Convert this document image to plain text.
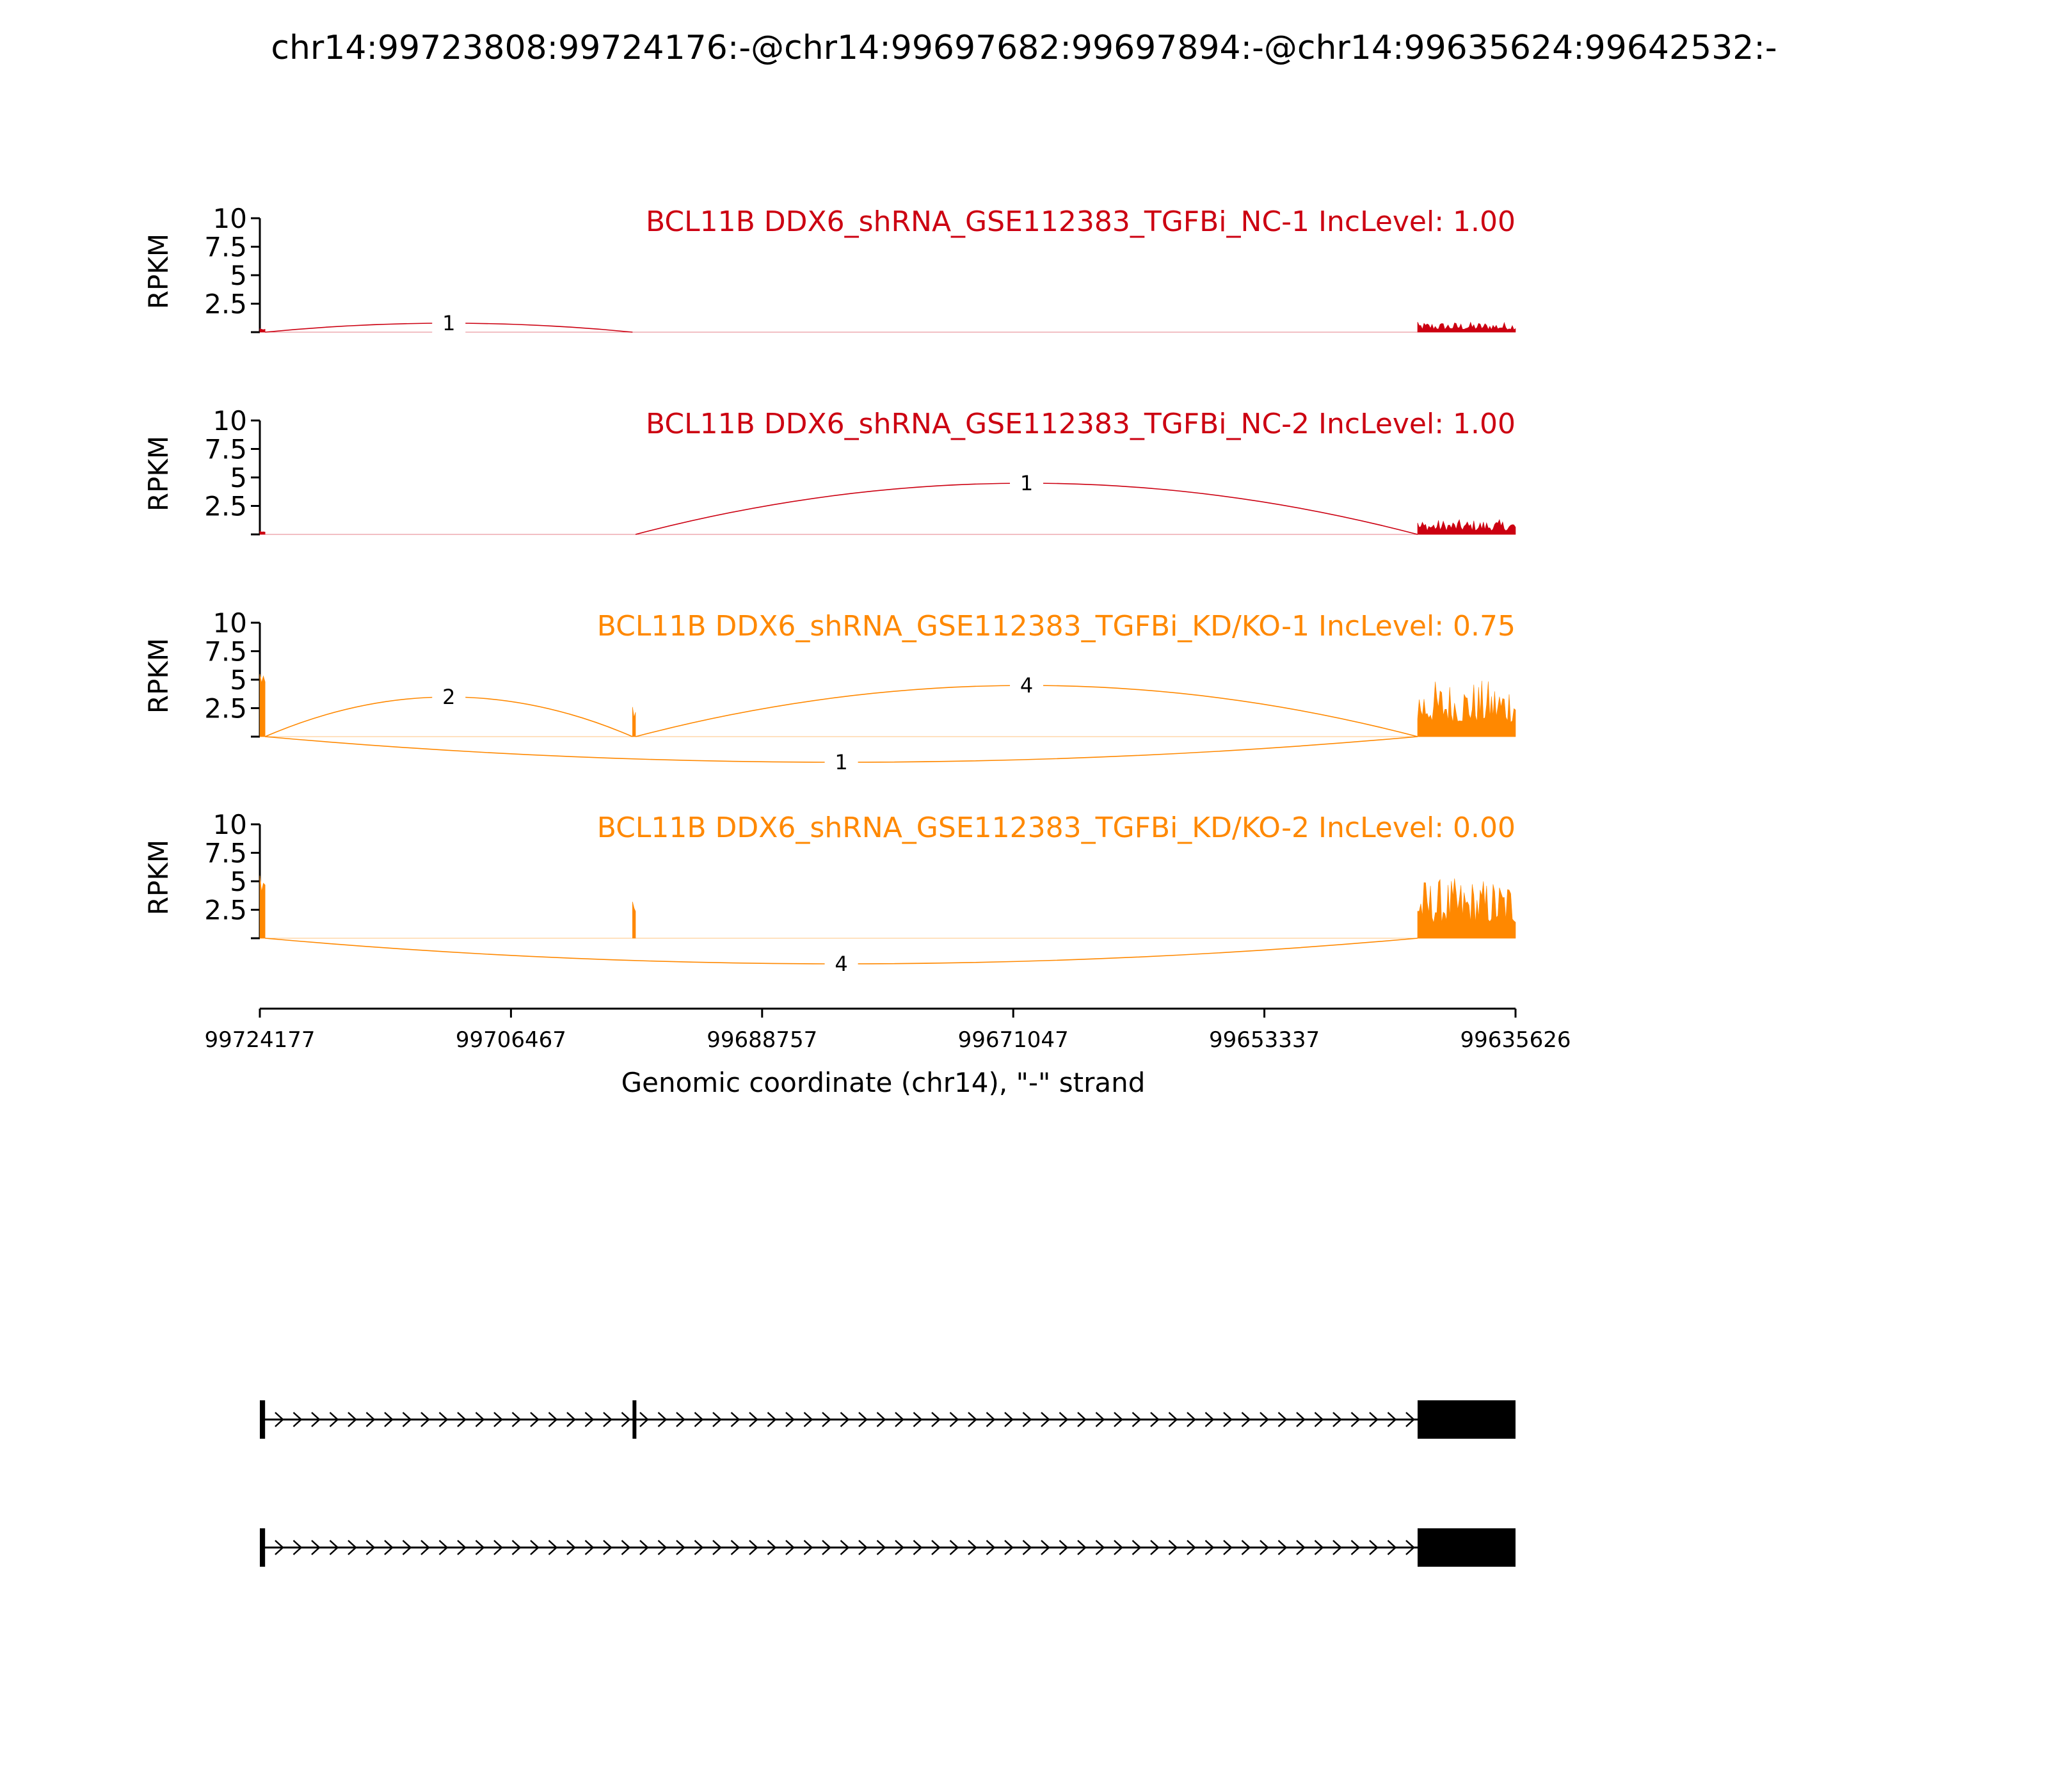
chr14:99723808:99724176:-@chr14:99697682:99697894:-@chr14:99635624:99642532:-
2.5
5
7.5
10
RPKM
BCL11B DDX6_shRNA_GSE112383_TGFBi_NC-1 IncLevel: 1.00
1
2.5
5
7.5
10
RPKM
BCL11B DDX6_shRNA_GSE112383_TGFBi_NC-2 IncLevel: 1.00
1
2.5
5
7.5
10
RPKM
BCL11B DDX6_shRNA_GSE112383_TGFBi_KD/KO-1 IncLevel: 0.75
2	4
1
2.5
5
7.5
10
RPKM
BCL11B DDX6_shRNA_GSE112383_TGFBi_KD/KO-2 IncLevel: 0.00
4
99724177	99706467	99688757	99671047	99653337	99635626
Genomic coordinate (chr14), "-" strand
